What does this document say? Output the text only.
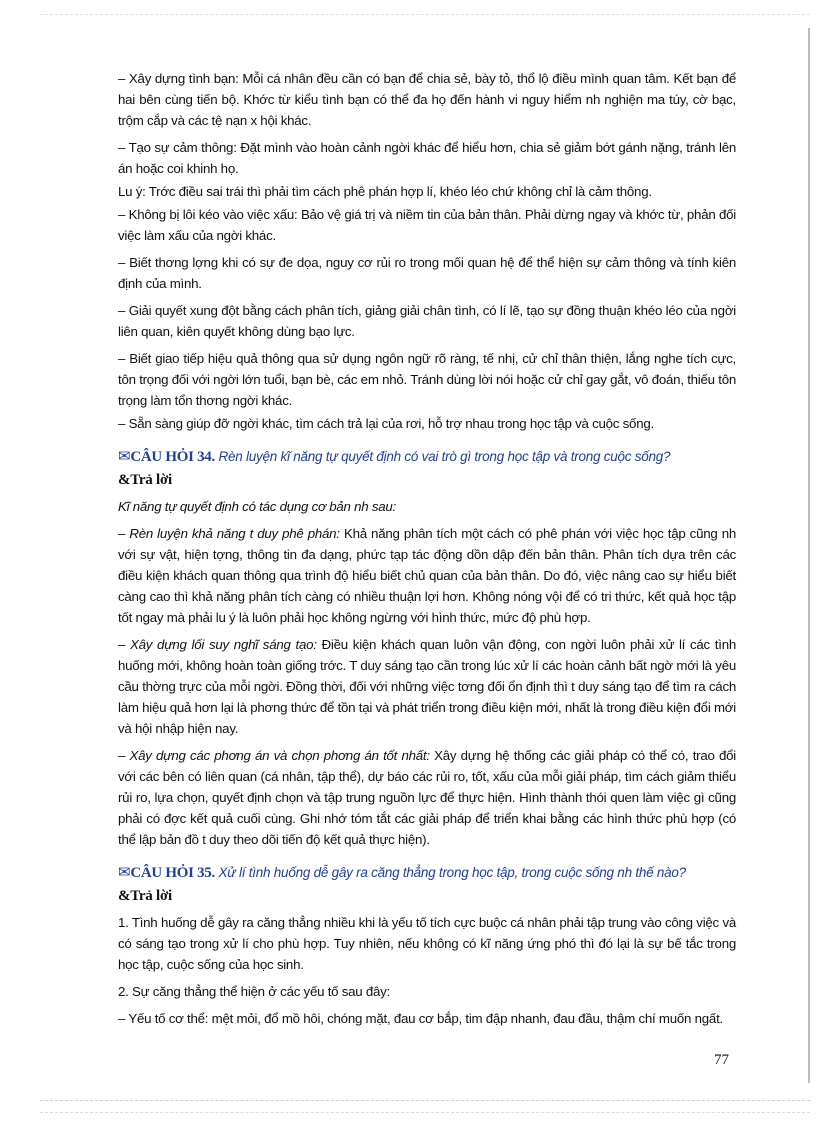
– Xây dựng tình bạn: Mỗi cá nhân đều cần có bạn để chia sẻ, bày tỏ, thổ lộ điều mình quan tâm. Kết bạn để hai bên cùng tiến bộ. Khớc từ kiểu tình bạn có thể đa họ đến hành vi nguy hiểm nh nghiện ma túy, cờ bạc, trộm cắp và các tệ nạn x hội khác.

– Tạo sự cảm thông: Đặt mình vào hoàn cảnh ngời khác để hiểu hơn, chia sẻ giảm bớt gánh nặng, tránh lên án hoặc coi khinh họ.

Lu ý: Trớc điều sai trái thì phải tìm cách phê phán hợp lí, khéo léo chứ không chỉ là cảm thông.

– Không bị lôi kéo vào việc xấu: Bảo vệ giá trị và niềm tin của bản thân. Phải dừng ngay và khớc từ, phản đối việc làm xấu của ngời khác.

– Biết thơng lợng khi có sự đe dọa, nguy cơ rủi ro trong mối quan hệ để thể hiện sự cảm thông và tính kiên định của mình.

– Giải quyết xung đột bằng cách phân tích, giảng giải chân tình, có lí lẽ, tạo sự đồng thuận khéo léo của ngời liên quan, kiên quyết không dùng bạo lực.

– Biết giao tiếp hiệu quả thông qua sử dụng ngôn ngữ rõ ràng, tế nhị, cử chỉ thân thiện, lắng nghe tích cực, tôn trọng đối với ngời lớn tuổi, bạn bè, các em nhỏ. Tránh dùng lời nói hoặc cử chỉ gay gắt, vô đoán, thiếu tôn trọng làm tổn thơng ngời khác.

– Sẵn sàng giúp đỡ ngời khác, tìm cách trả lại của rơi, hỗ trợ nhau trong học tập và cuộc sống.

✉CÂU HỎI 34. Rèn luyện kĩ năng tự quyết định có vai trò gì trong học tập và trong cuộc sống?
&Trả lời

Kĩ năng tự quyết định có tác dụng cơ bản nh sau:

– Rèn luyện khả năng t duy phê phán: Khả năng phân tích một cách có phê phán với việc học tập cũng nh với sự vật, hiện tợng, thông tin đa dạng, phức tạp tác động dồn dập đến bản thân. Phân tích dựa trên các điều kiện khách quan thông qua trình độ hiểu biết chủ quan của bản thân. Do đó, việc nâng cao sự hiểu biết càng cao thì khả năng phân tích càng có nhiều thuận lợi hơn. Không nóng vội để có tri thức, kết quả học tập tốt ngay mà phải lu ý là luôn phải học không ngừng với hình thức, mức độ phù hợp.

– Xây dựng lối suy nghĩ sáng tạo: Điều kiện khách quan luôn vận động, con ngời luôn phải xử lí các tình huống mới, không hoàn toàn giống trớc. T duy sáng tạo cần trong lúc xử lí các hoàn cảnh bất ngờ mới là yêu cầu thờng trực của mỗi ngời. Đồng thời, đối với những việc tơng đối ổn định thì t duy sáng tạo để tìm ra cách làm hiệu quả hơn lại là phơng thức để tồn tại và phát triển trong điều kiện mới, nhất là trong điều kiện đổi mới và hội nhập hiện nay.

– Xây dựng các phơng án và chọn phơng án tốt nhất: Xây dựng hệ thống các giải pháp có thể có, trao đổi với các bên có liên quan (cá nhân, tập thể), dự báo các rủi ro, tốt, xấu của mỗi giải pháp, tìm cách giảm thiểu rủi ro, lựa chọn, quyết định chọn và tập trung nguồn lực để thực hiện. Hình thành thói quen làm việc gì cũng phải có đợc kết quả cuối cùng. Ghi nhớ tóm tắt các giải pháp để triển khai bằng các hình thức phù hợp (có thể lập bản đồ t duy theo dõi tiến độ kết quả thực hiện).

✉CÂU HỎI 35. Xử lí tình huống dễ gây ra căng thẳng trong học tập, trong cuộc sống nh thế nào?
&Trả lời

1. Tình huống dễ gây ra căng thẳng nhiều khi là yếu tố tích cực buộc cá nhân phải tập trung vào công việc và có sáng tạo trong xử lí cho phù hợp. Tuy nhiên, nếu không có kĩ năng ứng phó thì đó lại là sự bế tắc trong học tập, cuộc sống của học sinh.

2. Sự căng thẳng thể hiện ở các yếu tố sau đây:

– Yếu tố cơ thể: mệt mỏi, đổ mồ hôi, chóng mặt, đau cơ bắp, tim đập nhanh, đau đầu, thậm chí muốn ngất.

77
